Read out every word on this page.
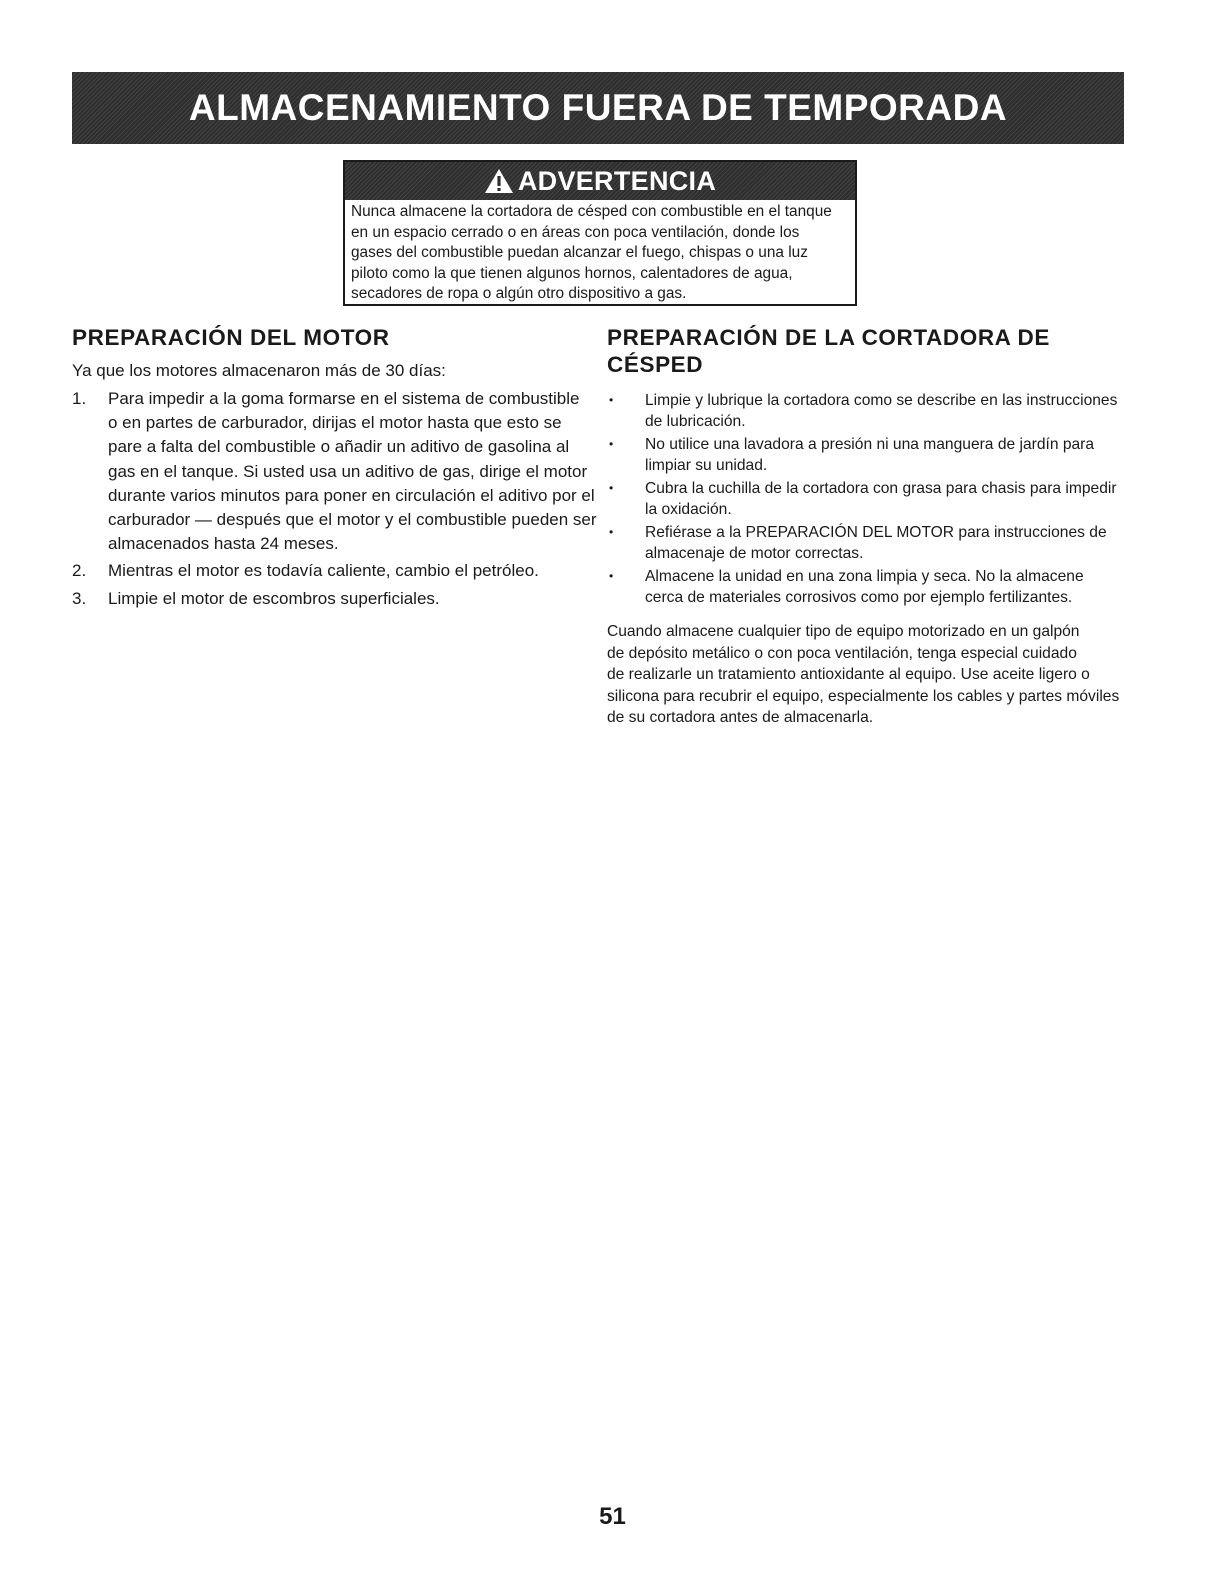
ALMACENAMIENTO FUERA DE TEMPORADA
ADVERTENCIA
Nunca almacene la cortadora de césped con combustible en el tanque
en un espacio cerrado o en áreas con poca ventilación, donde los
gases del combustible puedan alcanzar el fuego, chispas o una luz
piloto como la que tienen algunos hornos, calentadores de agua,
secadores de ropa o algún otro dispositivo a gas.
PREPARACIÓN DEL MOTOR
Ya que los motores almacenaron más de 30 días:
1. Para impedir a la goma formarse en el sistema de combustible
o en partes de carburador, dirijas el motor hasta que esto se
pare a falta del combustible o añadir un aditivo de gasolina al
gas en el tanque. Si usted usa un aditivo de gas, dirige el motor
durante varios minutos para poner en circulación el aditivo por el
carburador — después que el motor y el combustible pueden ser
almacenados hasta 24 meses.
2. Mientras el motor es todavía caliente, cambio el petróleo.
3. Limpie el motor de escombros superficiales.
PREPARACIÓN DE LA CORTADORA DE
CÉSPED
• Limpie y lubrique la cortadora como se describe en las instrucciones
de lubricación.
• No utilice una lavadora a presión ni una manguera de jardín para
limpiar su unidad.
• Cubra la cuchilla de la cortadora con grasa para chasis para impedir
la oxidación.
• Refiérase a la PREPARACIÓN DEL MOTOR para instrucciones de
almacenaje de motor correctas.
• Almacene la unidad en una zona limpia y seca. No la almacene
cerca de materiales corrosivos como por ejemplo fertilizantes.
Cuando almacene cualquier tipo de equipo motorizado en un galpón
de depósito metálico o con poca ventilación, tenga especial cuidado
de realizarle un tratamiento antioxidante al equipo. Use aceite ligero o
silicona para recubrir el equipo, especialmente los cables y partes móviles
de su cortadora antes de almacenarla.
51
